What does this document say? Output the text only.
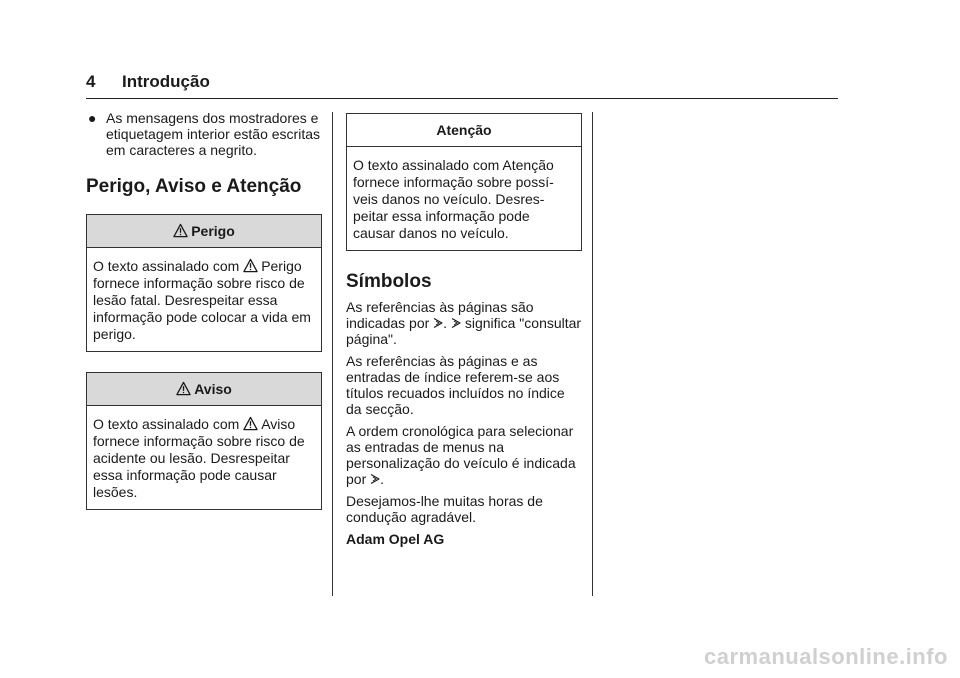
4 Introdução
● As mensagens dos mostradores e etiquetagem interior estão escritas em caracteres a negrito.
Perigo, Aviso e Atenção
Perigo
O texto assinalado com Perigo fornece informação sobre risco de lesão fatal. Desrespeitar essa informação pode colocar a vida em perigo.
Aviso
O texto assinalado com Aviso fornece informação sobre risco de acidente ou lesão. Desrespeitar essa informação pode causar lesões.
Atenção
O texto assinalado com Atenção fornece informação sobre possí-veis danos no veículo. Desres-peitar essa informação pode causar danos no veículo.
Símbolos

As referências às páginas são indicadas por .  significa "consultar página".

As referências às páginas e as entradas de índice referem-se aos títulos recuados incluídos no índice da secção.

A ordem cronológica para selecionar as entradas de menus na personalização do veículo é indicada por .

Desejamos-lhe muitas horas de condução agradável.

Adam Opel AG

carmanualsonline.info
